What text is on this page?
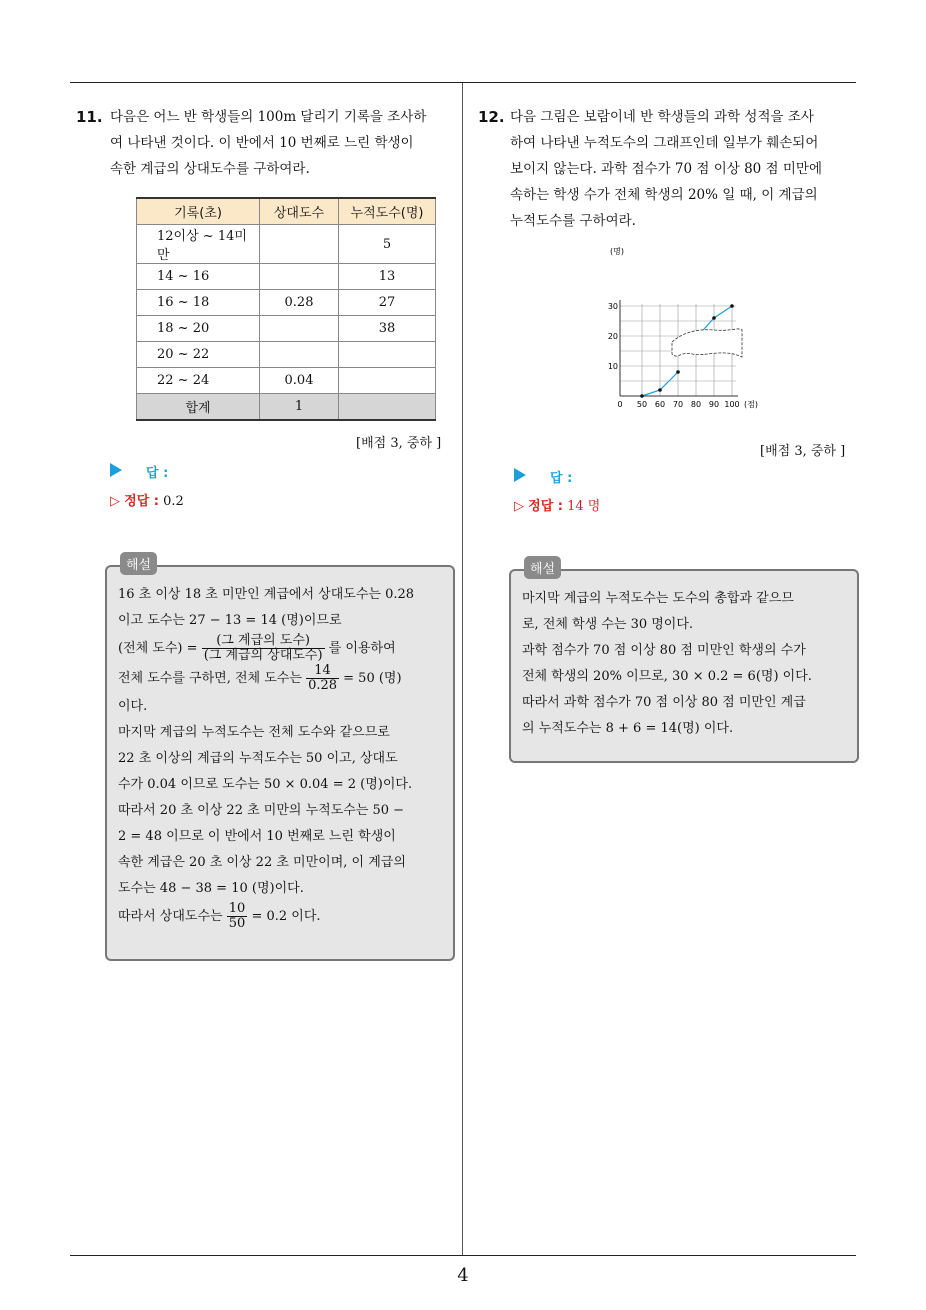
11. 다음은 어느 반 학생들의 100m 달리기 기록을 조사하
여 나타낸 것이다. 이 반에서 10 번째로 느린 학생이
속한 계급의 상대도수를 구하여라.
기록(초)	상대도수	누적도수(명)
12이상 ~ 14미만		5
14 ~ 16		13
16 ~ 18	0.28	27
18 ~ 20		38
20 ~ 22		
22 ~ 24	0.04	
합계	1	
[배점 3, 중하 ]
답 :
▷ 정답 : 0.2
해설
16 초 이상 18 초 미만인 계급에서 상대도수는 0.28
이고 도수는 27 − 13 = 14 (명)이므로
(전체 도수) = $\frac{\text{(그 계급의 도수)}}{\text{(그 계급의 상대도수)}}$ 를 이용하여
전체 도수를 구하면, 전체 도수는 $\frac{14}{0.28} = 50$ (명)
이다.
마지막 계급의 누적도수는 전체 도수와 같으므로
22 초 이상의 계급의 누적도수는 50 이고, 상대도
수가 0.04 이므로 도수는 50 × 0.04 = 2 (명)이다.
따라서 20 초 이상 22 초 미만의 누적도수는 50 −
2 = 48 이므로 이 반에서 10 번째로 느린 학생이
속한 계급은 20 초 이상 22 초 미만이며, 이 계급의
도수는 48 − 38 = 10 (명)이다.
따라서 상대도수는 $\frac{10}{50} = 0.2$ 이다.
12. 다음 그림은 보람이네 반 학생들의 과학 성적을 조사
하여 나타낸 누적도수의 그래프인데 일부가 훼손되어
보이지 않는다. 과학 점수가 70 점 이상 80 점 미만에
속하는 학생 수가 전체 학생의 20% 일 때, 이 계급의
누적도수를 구하여라.
(명)
(점)
30
20
10
0 50 60 70 80 90 100
[배점 3, 중하 ]
답 :
▷ 정답 : 14 명
해설
마지막 계급의 누적도수는 도수의 총합과 같으므
로, 전체 학생 수는 30 명이다.
과학 점수가 70 점 이상 80 점 미만인 학생의 수가
전체 학생의 20% 이므로, 30 × 0.2 = 6(명) 이다.
따라서 과학 점수가 70 점 이상 80 점 미만인 계급
의 누적도수는 8 + 6 = 14(명) 이다.
4
